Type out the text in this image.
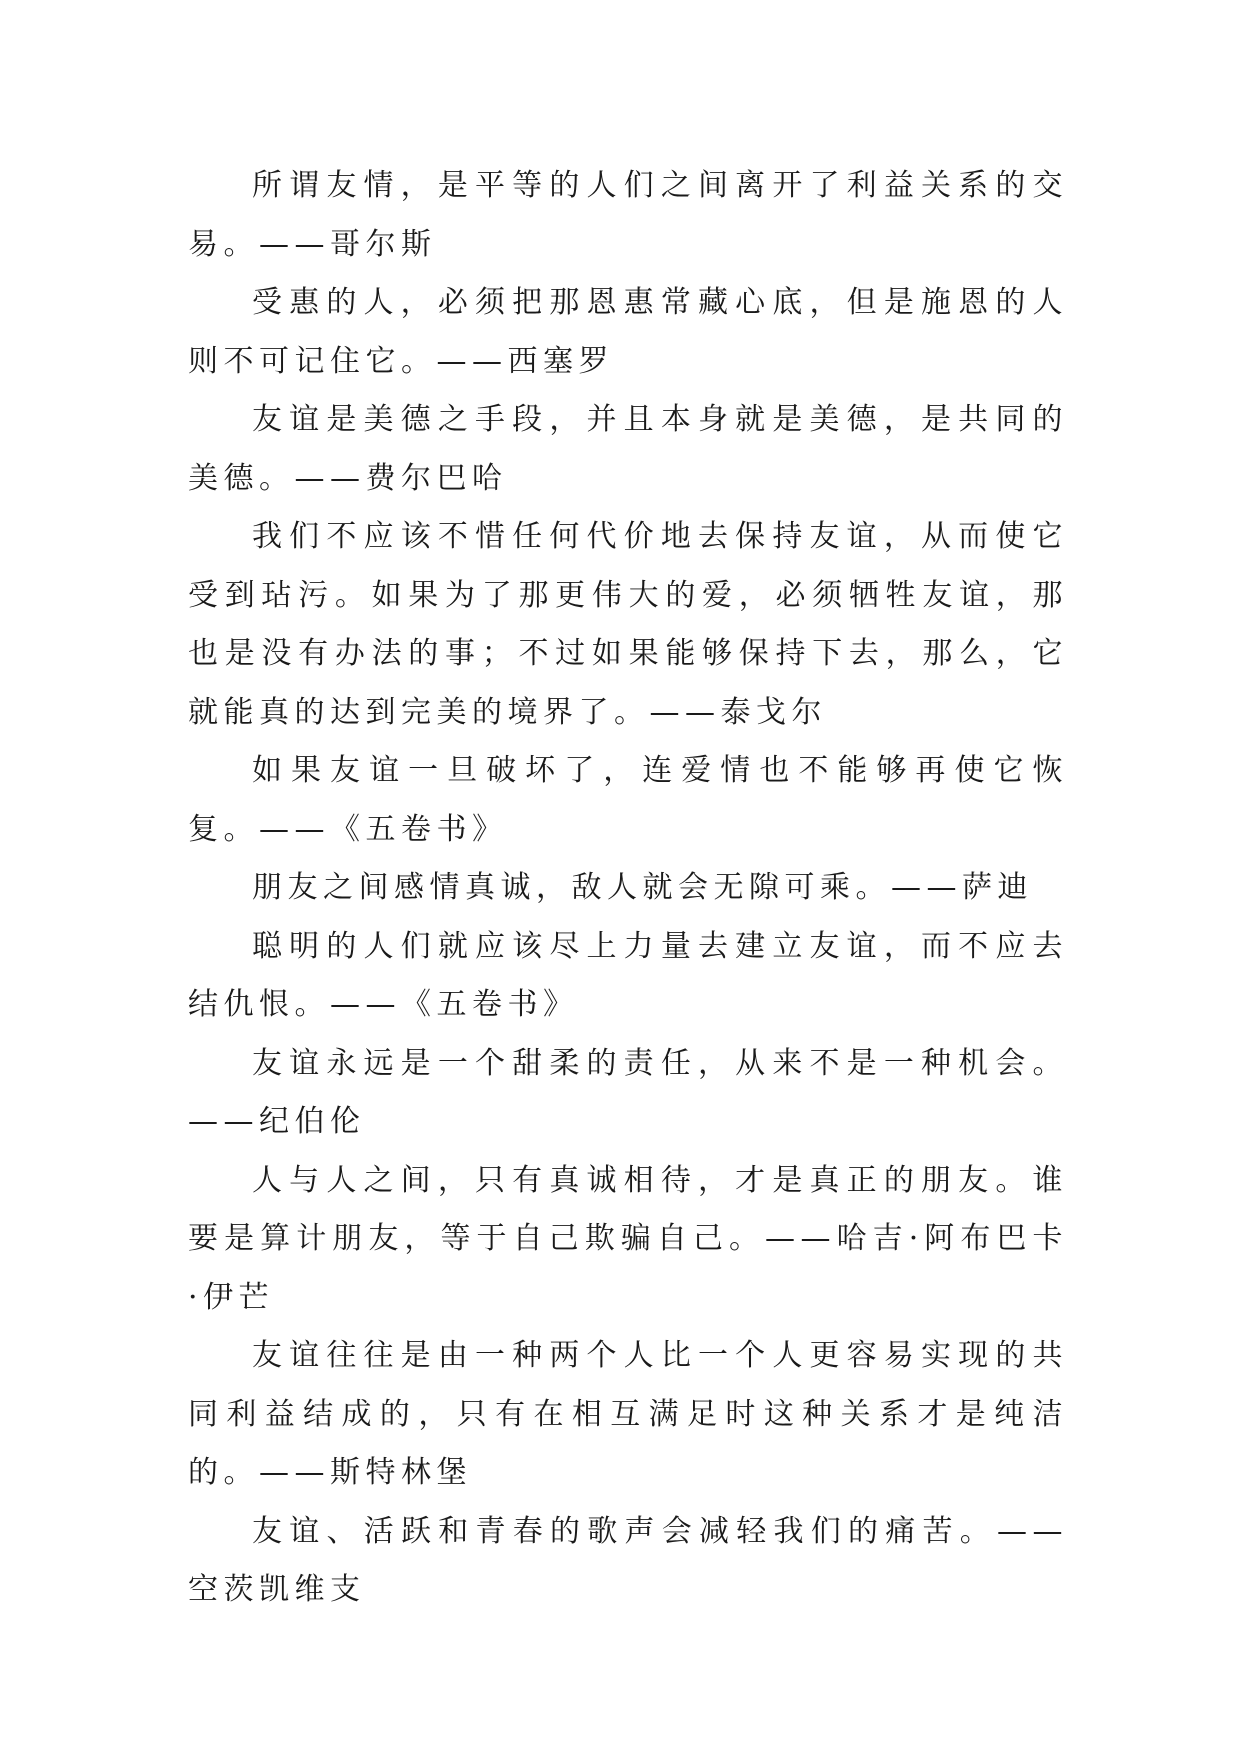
所谓友情，是平等的人们之间离开了利益关系的交易。——哥尔斯

受惠的人，必须把那恩惠常藏心底，但是施恩的人则不可记住它。——西塞罗

友谊是美德之手段，并且本身就是美德，是共同的美德。——费尔巴哈

我们不应该不惜任何代价地去保持友谊，从而使它受到玷污。如果为了那更伟大的爱，必须牺牲友谊，那也是没有办法的事；不过如果能够保持下去，那么，它就能真的达到完美的境界了。——泰戈尔

如果友谊一旦破坏了，连爱情也不能够再使它恢复。——《五卷书》

朋友之间感情真诚，敌人就会无隙可乘。——萨迪

聪明的人们就应该尽上力量去建立友谊，而不应去结仇恨。——《五卷书》

友谊永远是一个甜柔的责任，从来不是一种机会。——纪伯伦

人与人之间，只有真诚相待，才是真正的朋友。谁要是算计朋友，等于自己欺骗自己。——哈吉·阿布巴卡·伊芒

友谊往往是由一种两个人比一个人更容易实现的共同利益结成的，只有在相互满足时这种关系才是纯洁的。——斯特林堡

友谊、活跃和青春的歌声会减轻我们的痛苦。——空茨凯维支
